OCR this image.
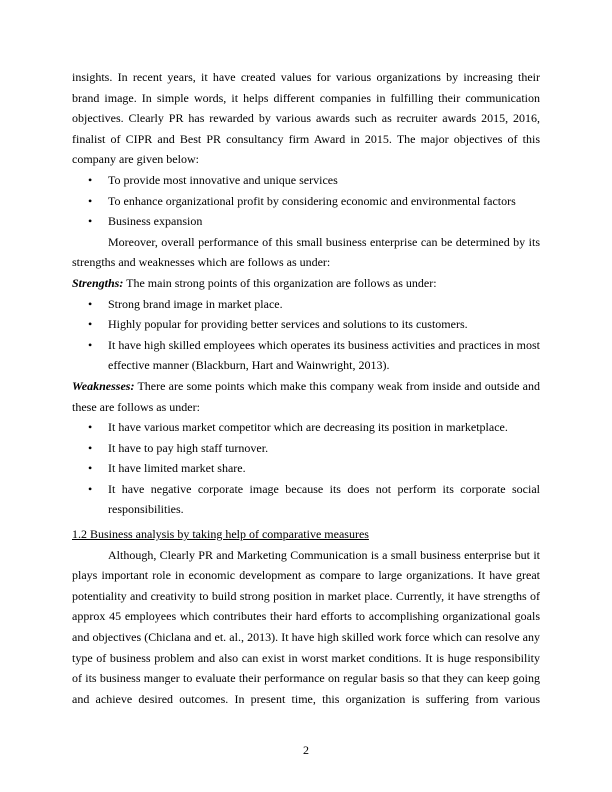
insights. In recent years, it have created values for various organizations by increasing their brand image. In simple words, it helps different companies in fulfilling their communication objectives. Clearly PR has rewarded by various awards such as recruiter awards 2015, 2016, finalist of CIPR and Best PR consultancy firm Award in 2015. The major objectives of this company are given below:

• To provide most innovative and unique services
• To enhance organizational profit by considering economic and environmental factors
• Business expansion

Moreover, overall performance of this small business enterprise can be determined by its strengths and weaknesses which are follows as under:

Strengths: The main strong points of this organization are follows as under:

• Strong brand image in market place.
• Highly popular for providing better services and solutions to its customers.
• It have high skilled employees which operates its business activities and practices in most effective manner (Blackburn, Hart and Wainwright, 2013).

Weaknesses: There are some points which make this company weak from inside and outside and these are follows as under:

• It have various market competitor which are decreasing its position in marketplace.
• It have to pay high staff turnover.
• It have limited market share.
• It have negative corporate image because its does not perform its corporate social responsibilities.

1.2 Business analysis by taking help of comparative measures

Although, Clearly PR and Marketing Communication is a small business enterprise but it plays important role in economic development as compare to large organizations. It have great potentiality and creativity to build strong position in market place. Currently, it have strengths of approx 45 employees which contributes their hard efforts to accomplishing organizational goals and objectives (Chiclana and et. al., 2013). It have high skilled work force which can resolve any type of business problem and also can exist in worst market conditions. It is huge responsibility of its business manger to evaluate their performance on regular basis so that they can keep going and achieve desired outcomes. In present time, this organization is suffering from various

2
